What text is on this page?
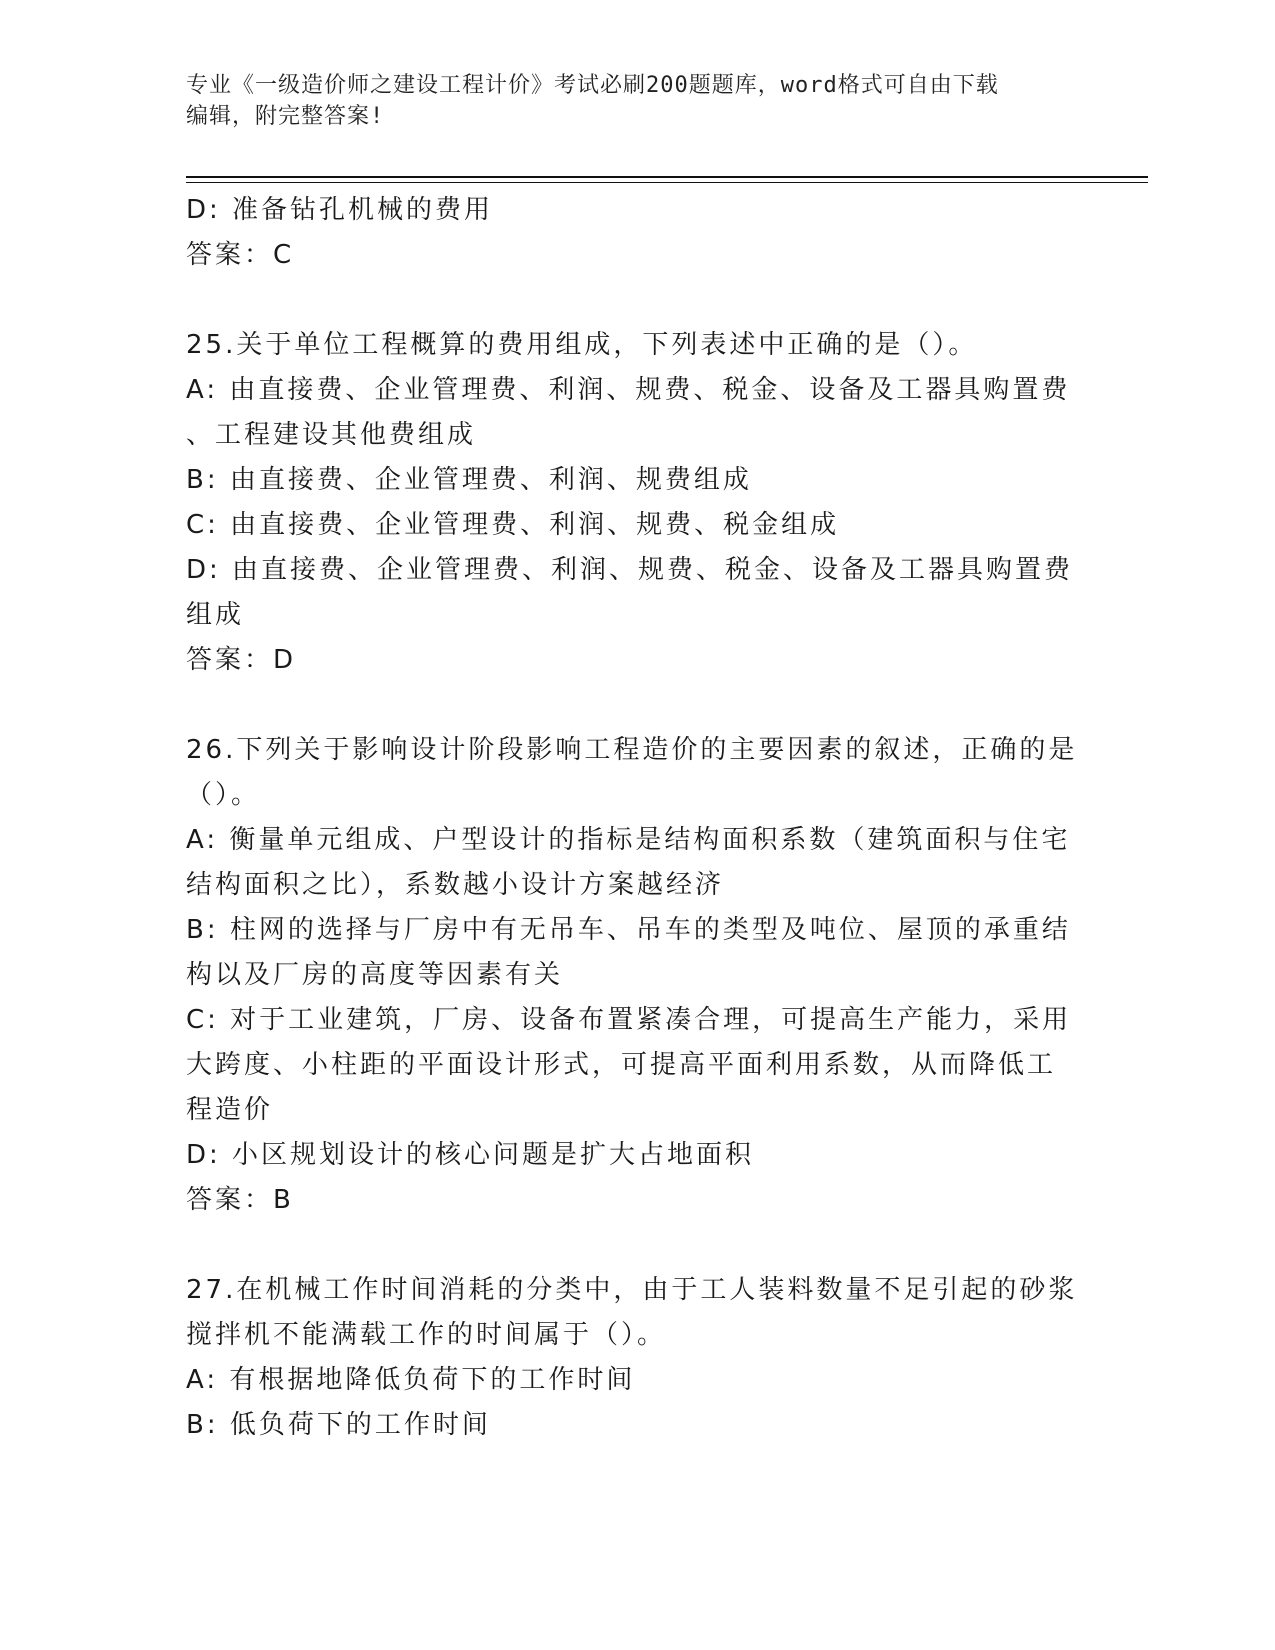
专业《一级造价师之建设工程计价》考试必刷200题题库，word格式可自由下载
编辑，附完整答案!
D: 准备钻孔机械的费用
答案：C
25.关于单位工程概算的费用组成，下列表述中正确的是（）。
A: 由直接费、企业管理费、利润、规费、税金、设备及工器具购置费
、工程建设其他费组成
B: 由直接费、企业管理费、利润、规费组成
C: 由直接费、企业管理费、利润、规费、税金组成
D: 由直接费、企业管理费、利润、规费、税金、设备及工器具购置费
组成
答案：D
26.下列关于影响设计阶段影响工程造价的主要因素的叙述，正确的是
（）。
A: 衡量单元组成、户型设计的指标是结构面积系数（建筑面积与住宅
结构面积之比），系数越小设计方案越经济
B: 柱网的选择与厂房中有无吊车、吊车的类型及吨位、屋顶的承重结
构以及厂房的高度等因素有关
C: 对于工业建筑，厂房、设备布置紧凑合理，可提高生产能力，采用
大跨度、小柱距的平面设计形式，可提高平面利用系数，从而降低工
程造价
D: 小区规划设计的核心问题是扩大占地面积
答案：B
27.在机械工作时间消耗的分类中，由于工人装料数量不足引起的砂浆
搅拌机不能满载工作的时间属于（）。
A: 有根据地降低负荷下的工作时间
B: 低负荷下的工作时间
